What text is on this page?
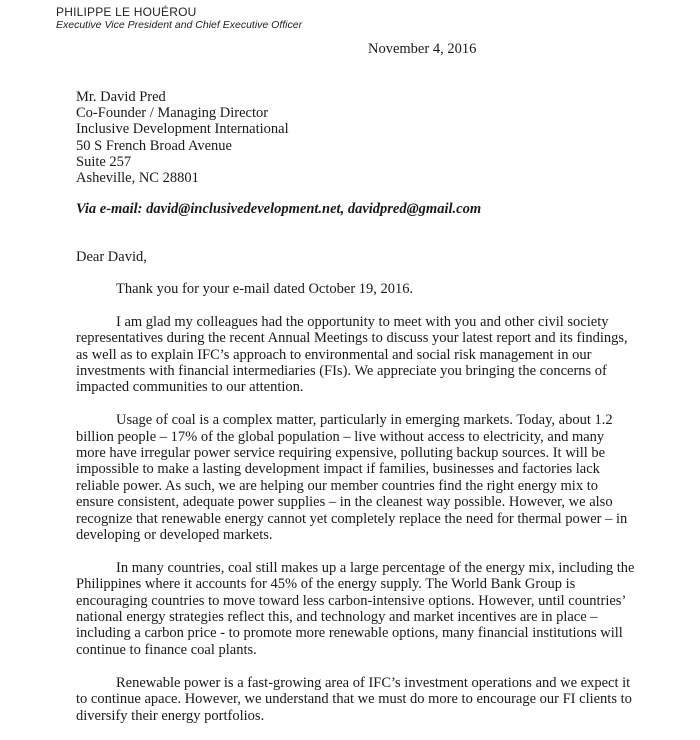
PHILIPPE LE HOUÉROU
Executive Vice President and Chief Executive Officer
November 4, 2016
Mr. David Pred
Co-Founder / Managing Director
Inclusive Development International
50 S French Broad Avenue
Suite 257
Asheville, NC 28801
Via e-mail: david@inclusivedevelopment.net, davidpred@gmail.com
Dear David,

Thank you for your e-mail dated October 19, 2016.

I am glad my colleagues had the opportunity to meet with you and other civil society representatives during the recent Annual Meetings to discuss your latest report and its findings, as well as to explain IFC’s approach to environmental and social risk management in our investments with financial intermediaries (FIs). We appreciate you bringing the concerns of impacted communities to our attention.

Usage of coal is a complex matter, particularly in emerging markets. Today, about 1.2 billion people – 17% of the global population – live without access to electricity, and many more have irregular power service requiring expensive, polluting backup sources. It will be impossible to make a lasting development impact if families, businesses and factories lack reliable power. As such, we are helping our member countries find the right energy mix to ensure consistent, adequate power supplies – in the cleanest way possible. However, we also recognize that renewable energy cannot yet completely replace the need for thermal power – in developing or developed markets.

In many countries, coal still makes up a large percentage of the energy mix, including the Philippines where it accounts for 45% of the energy supply. The World Bank Group is encouraging countries to move toward less carbon-intensive options. However, until countries’ national energy strategies reflect this, and technology and market incentives are in place – including a carbon price - to promote more renewable options, many financial institutions will continue to finance coal plants.

Renewable power is a fast-growing area of IFC’s investment operations and we expect it to continue apace. However, we understand that we must do more to encourage our FI clients to diversify their energy portfolios.
